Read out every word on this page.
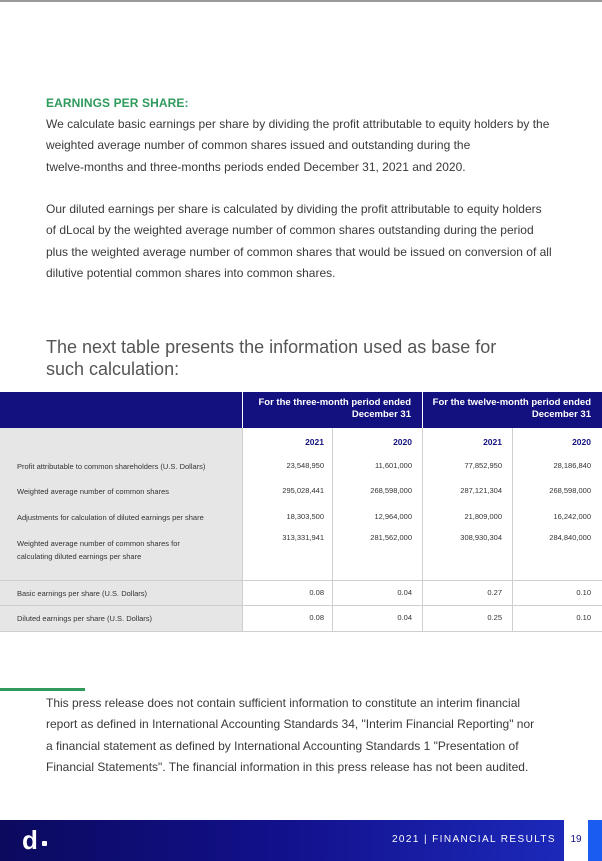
EARNINGS PER SHARE:
We calculate basic earnings per share by dividing the profit attributable to equity holders by the
weighted average number of common shares issued and outstanding during the
twelve-months and three-months periods ended December 31, 2021 and 2020.
Our diluted earnings per share is calculated by dividing the profit attributable to equity holders
of dLocal by the weighted average number of common shares outstanding during the period
plus the weighted average number of common shares that would be issued on conversion of all
dilutive potential common shares into common shares.
The next table presents the information used as base for
such calculation:
For the three-month period ended
December 31
For the twelve-month period ended
December 31
2021	2020	2021	2020
Profit attributable to common shareholders (U.S. Dollars)	23,548,950	11,601,000	77,852,950	28,186,840
Weighted average number of common shares	295,028,441	268,598,000	287,121,304	268,598,000
Adjustments for calculation of diluted earnings per share	18,303,500	12,964,000	21,809,000	16,242,000
Weighted average number of common shares for
calculating diluted earnings per share
313,331,941	281,562,000	308,930,304	284,840,000
Basic earnings per share (U.S. Dollars)	0.08	0.04	0.27	0.10
Diluted earnings per share (U.S. Dollars)	0.08	0.04	0.25	0.10
This press release does not contain sufficient information to constitute an interim financial
report as defined in International Accounting Standards 34, "Interim Financial Reporting" nor
a financial statement as defined by International Accounting Standards 1 "Presentation of
Financial Statements". The financial information in this press release has not been audited.
d	2021 | FINANCIAL RESULTS	19
